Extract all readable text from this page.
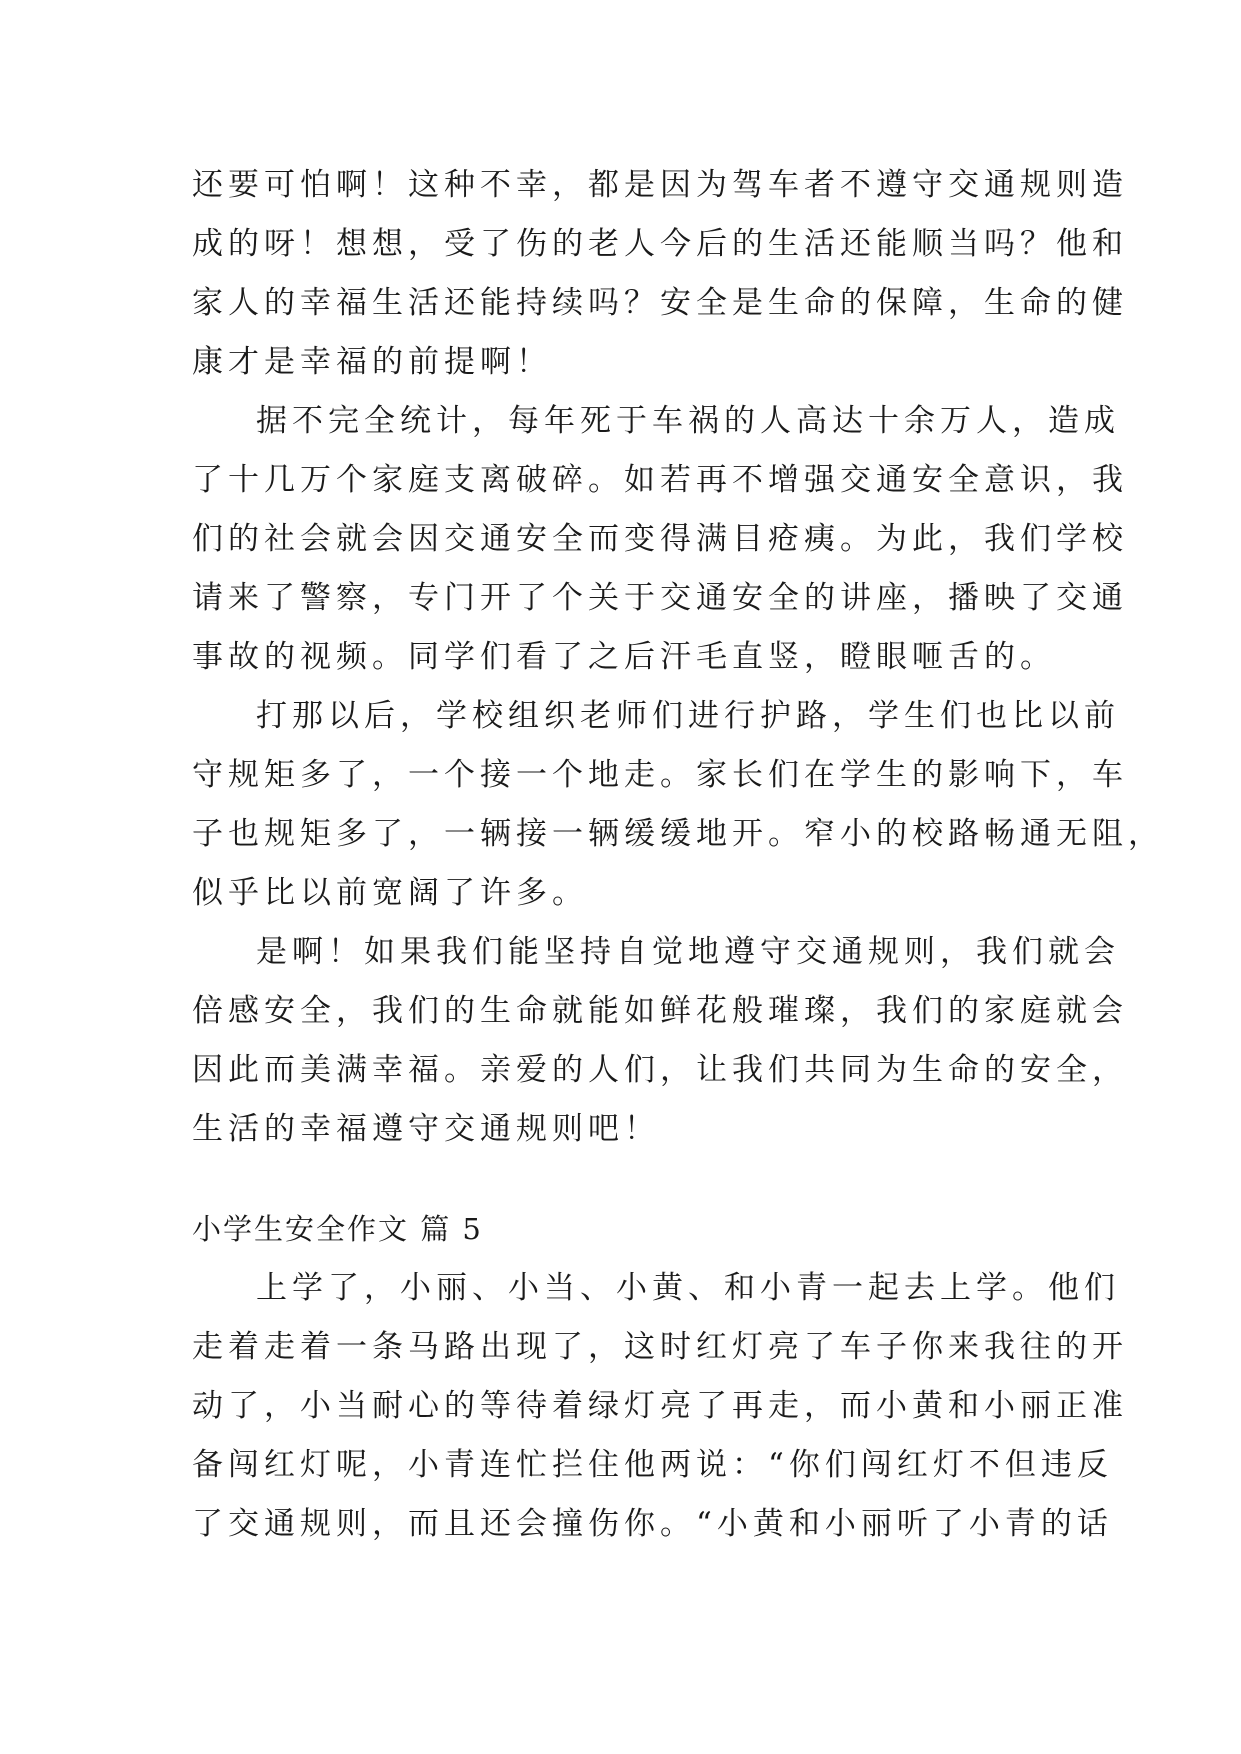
还要可怕啊！这种不幸，都是因为驾车者不遵守交通规则造
成的呀！想想，受了伤的老人今后的生活还能顺当吗？他和
家人的幸福生活还能持续吗？安全是生命的保障，生命的健
康才是幸福的前提啊！
据不完全统计，每年死于车祸的人高达十余万人，造成
了十几万个家庭支离破碎。如若再不增强交通安全意识，我
们的社会就会因交通安全而变得满目疮痍。为此，我们学校
请来了警察，专门开了个关于交通安全的讲座，播映了交通
事故的视频。同学们看了之后汗毛直竖，瞪眼咂舌的。
打那以后，学校组织老师们进行护路，学生们也比以前
守规矩多了，一个接一个地走。家长们在学生的影响下，车
子也规矩多了，一辆接一辆缓缓地开。窄小的校路畅通无阻，
似乎比以前宽阔了许多。
是啊！如果我们能坚持自觉地遵守交通规则，我们就会
倍感安全，我们的生命就能如鲜花般璀璨，我们的家庭就会
因此而美满幸福。亲爱的人们，让我们共同为生命的安全，
生活的幸福遵守交通规则吧！
小学生安全作文 篇 5
上学了，小丽、小当、小黄、和小青一起去上学。他们
走着走着一条马路出现了，这时红灯亮了车子你来我往的开
动了，小当耐心的等待着绿灯亮了再走，而小黄和小丽正准
备闯红灯呢，小青连忙拦住他两说：“你们闯红灯不但违反
了交通规则，而且还会撞伤你。“小黄和小丽听了小青的话
